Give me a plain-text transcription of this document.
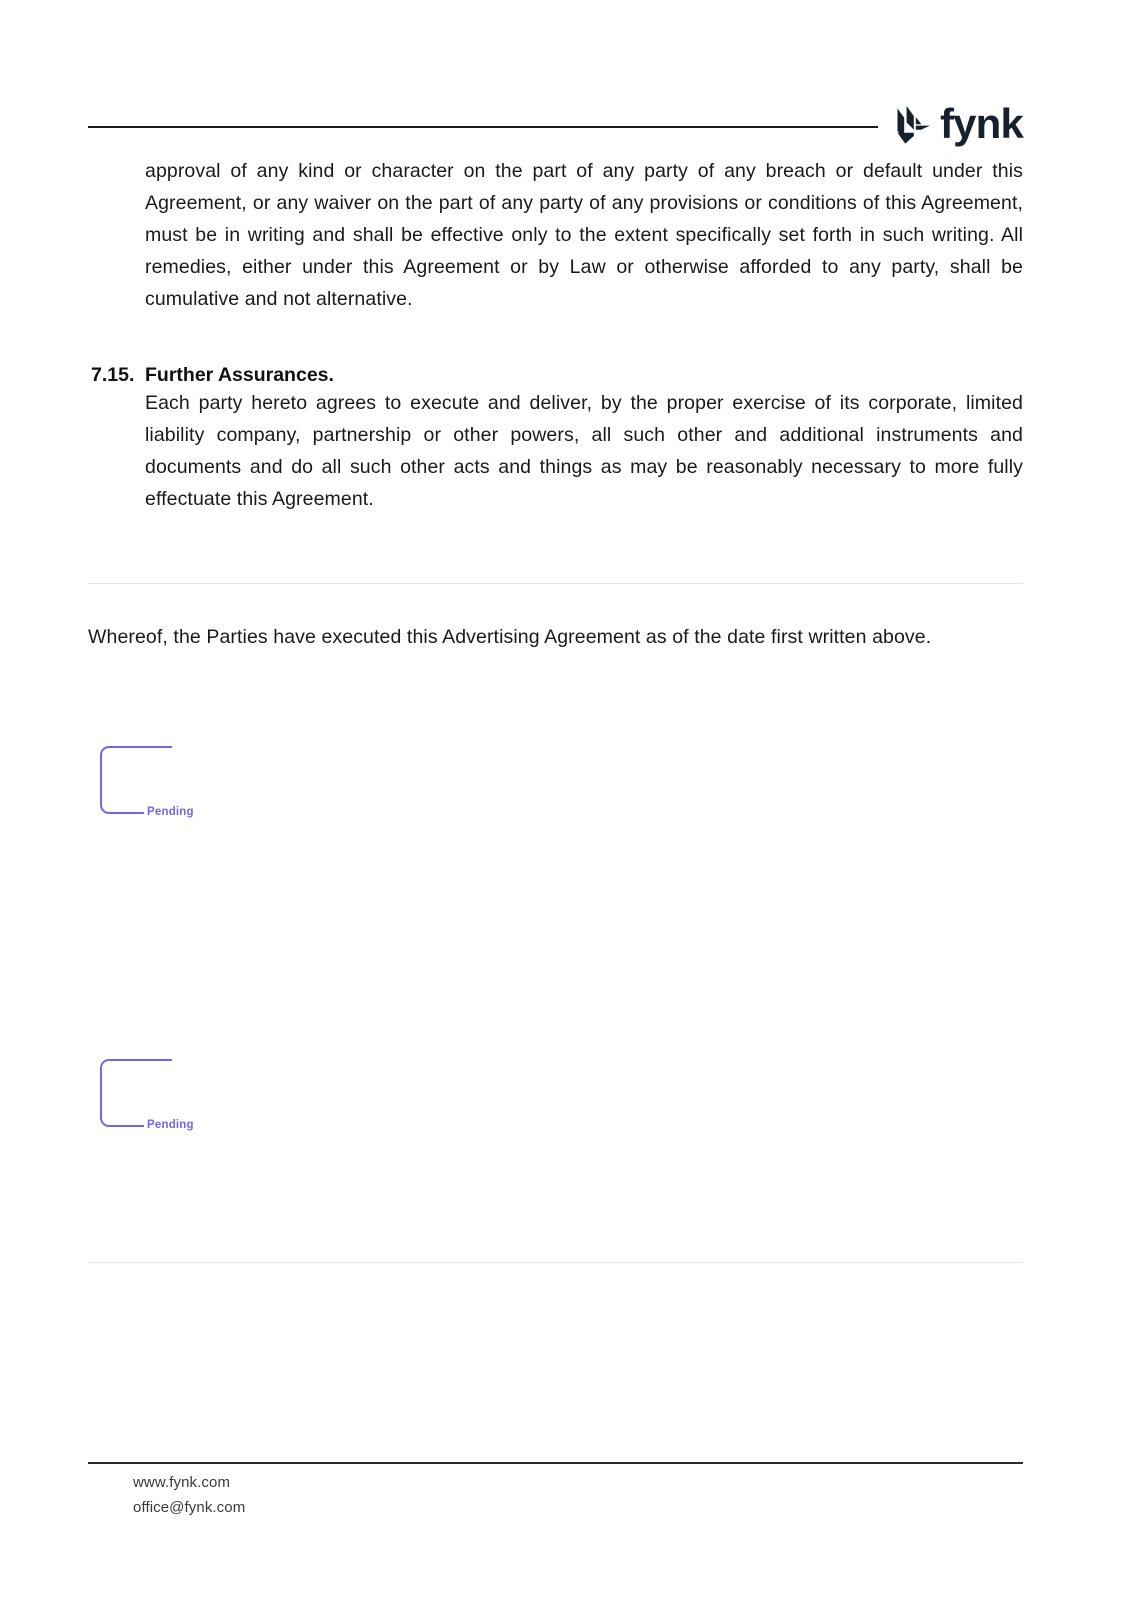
fynk

approval of any kind or character on the part of any party of any breach or default under this Agreement, or any waiver on the part of any party of any provisions or conditions of this Agreement, must be in writing and shall be effective only to the extent specifically set forth in such writing. All remedies, either under this Agreement or by Law or otherwise afforded to any party, shall be cumulative and not alternative.

7.15. Further Assurances.

Each party hereto agrees to execute and deliver, by the proper exercise of its corporate, limited liability company, partnership or other powers, all such other and additional instruments and documents and do all such other acts and things as may be reasonably necessary to more fully effectuate this Agreement.

Whereof, the Parties have executed this Advertising Agreement as of the date first written above.

Pending
Pending

www.fynk.com

office@fynk.com
